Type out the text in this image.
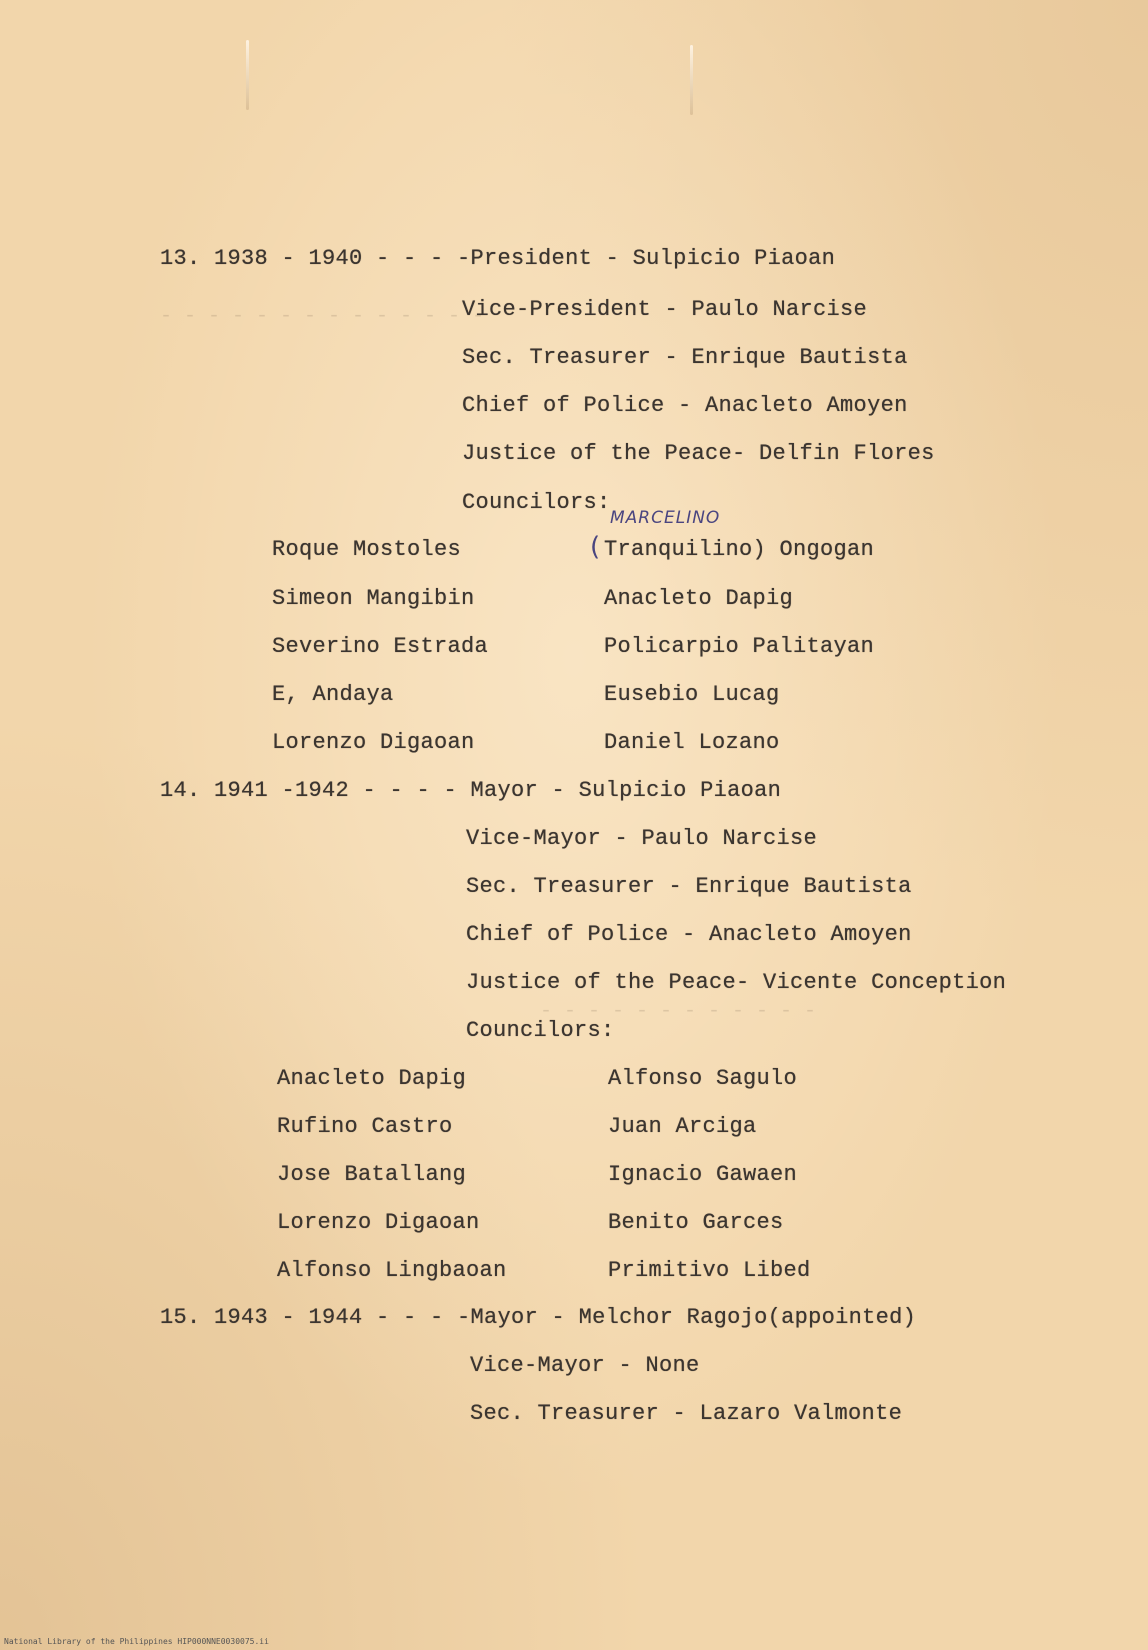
- - - - - - - - - - - - - -
- - - - - - - - - - - -
13. 1938 - 1940 - - - -President - Sulpicio Piaoan
Vice-President - Paulo Narcise
Sec. Treasurer - Enrique Bautista
Chief of Police - Anacleto Amoyen
Justice of the Peace- Delfin Flores
Councilors:
MARCELINO
(
Roque Mostoles	Tranquilino) Ongogan
Simeon Mangibin	Anacleto Dapig
Severino Estrada	Policarpio Palitayan
E, Andaya	Eusebio Lucag
Lorenzo Digaoan	Daniel Lozano
14. 1941 -1942 - - - - Mayor - Sulpicio Piaoan
Vice-Mayor - Paulo Narcise
Sec. Treasurer - Enrique Bautista
Chief of Police - Anacleto Amoyen
Justice of the Peace- Vicente Conception
Councilors:
Anacleto Dapig	Alfonso Sagulo
Rufino Castro	Juan Arciga
Jose Batallang	Ignacio Gawaen
Lorenzo Digaoan	Benito Garces
Alfonso Lingbaoan	Primitivo Libed
15. 1943 - 1944 - - - -Mayor - Melchor Ragojo(appointed)
Vice-Mayor - None
Sec. Treasurer - Lazaro Valmonte
National Library of the Philippines HIP000NNE0030075.ii
